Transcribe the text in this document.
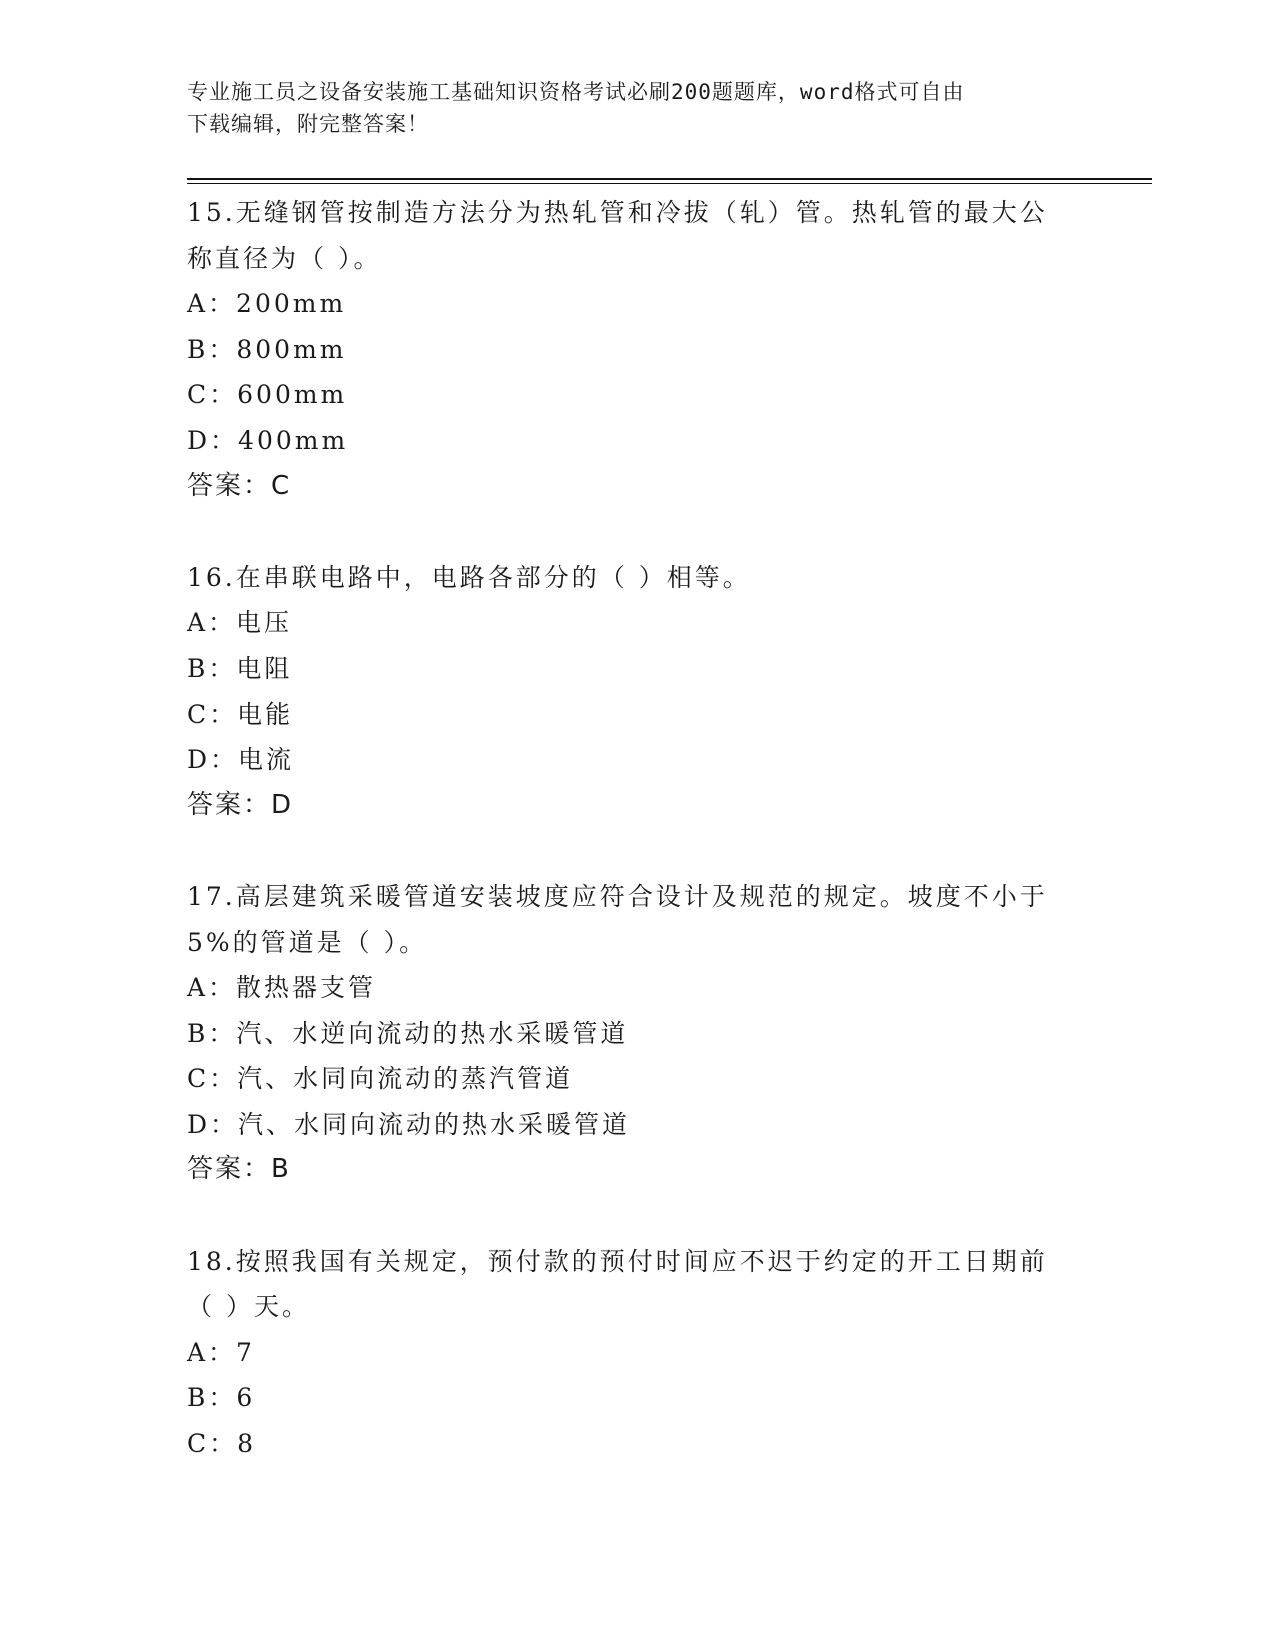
专业施工员之设备安装施工基础知识资格考试必刷200题题库，word格式可自由
下载编辑，附完整答案！

15.无缝钢管按制造方法分为热轧管和冷拔（轧）管。热轧管的最大公

称直径为（ ）。

A：200mm

B：800mm

C：600mm

D：400mm

答案：C

16.在串联电路中，电路各部分的（ ）相等。

A：电压

B：电阻

C：电能

D：电流

答案：D

17.高层建筑采暖管道安装坡度应符合设计及规范的规定。坡度不小于

5%的管道是（ ）。

A：散热器支管

B：汽、水逆向流动的热水采暖管道

C：汽、水同向流动的蒸汽管道

D：汽、水同向流动的热水采暖管道

答案：B

18.按照我国有关规定，预付款的预付时间应不迟于约定的开工日期前

（ ）天。

A：7

B：6

C：8
